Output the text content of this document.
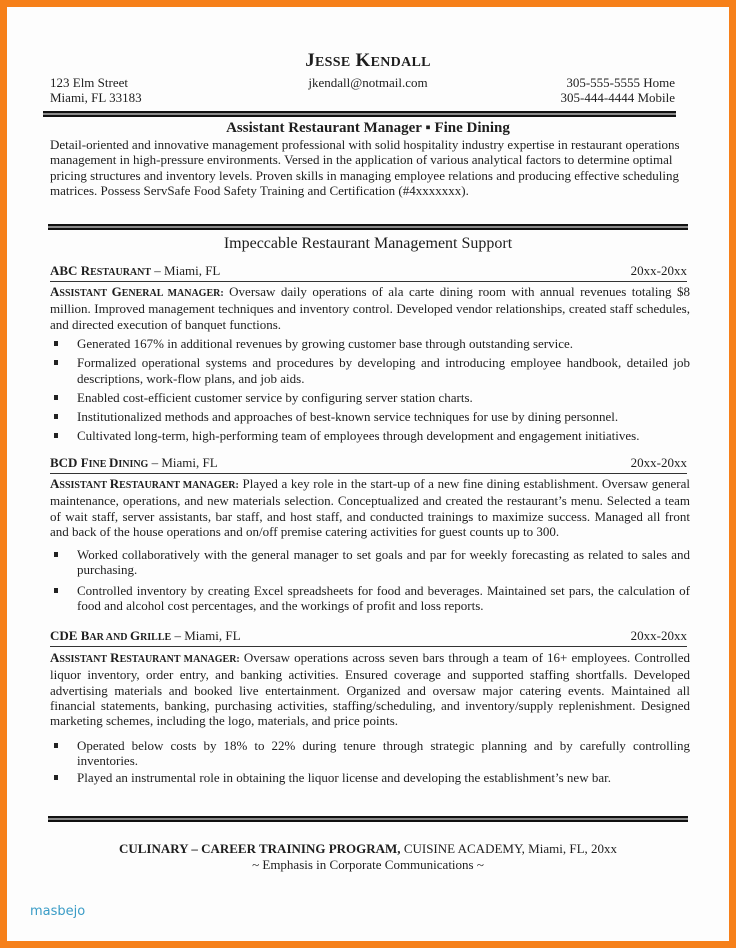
JESSE KENDALL
123 Elm Street
Miami, FL 33183
jkendall@notmail.com	305-555-5555 Home
305-444-4444 Mobile
Assistant Restaurant Manager ▪ Fine Dining
Detail-oriented and innovative management professional with solid hospitality industry expertise in restaurant operations management in high-pressure environments. Versed in the application of various analytical factors to determine optimal pricing structures and inventory levels. Proven skills in managing employee relations and producing effective scheduling matrices. Possess ServSafe Food Safety Training and Certification (#4xxxxxxx).
Impeccable Restaurant Management Support
ABC RESTAURANT – Miami, FL	20xx-20xx
ASSISTANT GENERAL MANAGER: Oversaw daily operations of ala carte dining room with annual revenues totaling $8 million. Improved management techniques and inventory control. Developed vendor relationships, created staff schedules, and directed execution of banquet functions.
Generated 167% in additional revenues by growing customer base through outstanding service.
Formalized operational systems and procedures by developing and introducing employee handbook, detailed job descriptions, work-flow plans, and job aids.
Enabled cost-efficient customer service by configuring server station charts.
Institutionalized methods and approaches of best-known service techniques for use by dining personnel.
Cultivated long-term, high-performing team of employees through development and engagement initiatives.
BCD FINE DINING – Miami, FL	20xx-20xx
ASSISTANT RESTAURANT MANAGER: Played a key role in the start-up of a new fine dining establishment. Oversaw general maintenance, operations, and new materials selection. Conceptualized and created the restaurant’s menu. Selected a team of wait staff, server assistants, bar staff, and host staff, and conducted trainings to maximize success. Managed all front and back of the house operations and on/off premise catering activities for guest counts up to 300.
Worked collaboratively with the general manager to set goals and par for weekly forecasting as related to sales and purchasing.
Controlled inventory by creating Excel spreadsheets for food and beverages. Maintained set pars, the calculation of food and alcohol cost percentages, and the workings of profit and loss reports.
CDE BAR AND GRILLE – Miami, FL	20xx-20xx
ASSISTANT RESTAURANT MANAGER: Oversaw operations across seven bars through a team of 16+ employees. Controlled liquor inventory, order entry, and banking activities. Ensured coverage and supported staffing shortfalls. Developed advertising materials and booked live entertainment. Organized and oversaw major catering events. Maintained all financial statements, banking, purchasing activities, staffing/scheduling, and inventory/supply replenishment. Designed marketing schemes, including the logo, materials, and price points.
Operated below costs by 18% to 22% during tenure through strategic planning and by carefully controlling inventories.
Played an instrumental role in obtaining the liquor license and developing the establishment’s new bar.
CULINARY – CAREER TRAINING PROGRAM, CUISINE ACADEMY, Miami, FL, 20xx
~ Emphasis in Corporate Communications ~
masbejo
